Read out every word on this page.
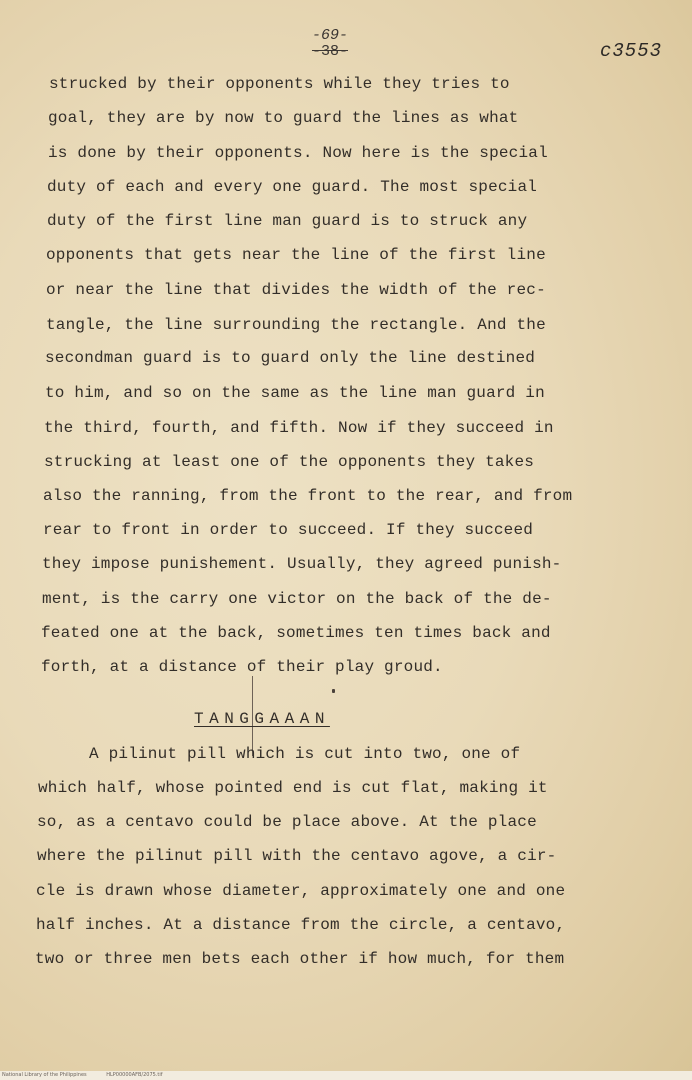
-69-
-38-	c3553
strucked by their opponents while they tries to
goal, they are by now to guard the lines as what
is done by their opponents. Now here is the special
duty of each and every one guard. The most special
duty of the first line man guard is to struck any
opponents that gets near the line of the first line
or near the line that divides the width of the rec-
tangle, the line surrounding the rectangle. And the
secondman guard is to guard only the line destined
to him, and so on the same as the line man guard in
the third, fourth, and fifth. Now if they succeed in
strucking at least one of the opponents they takes
also the ranning, from the front to the rear, and from
rear to front in order to succeed. If they succeed
they impose punishement. Usually, they agreed punish-
ment, is the carry one victor on the back of the de-
feated one at the back, sometimes ten times back and
forth, at a distance of their play groud.
TANGGAAAN
A pilinut pill which is cut into two, one of
which half, whose pointed end is cut flat, making it
so, as a centavo could be place above. At the place
where the pilinut pill with the centavo agove, a cir-
cle is drawn whose diameter, approximately one and one
half inches. At a distance from the circle, a centavo,
two or three men bets each other if how much, for them
National Library of the Philippines	HLP00000AFB/2075.tif
